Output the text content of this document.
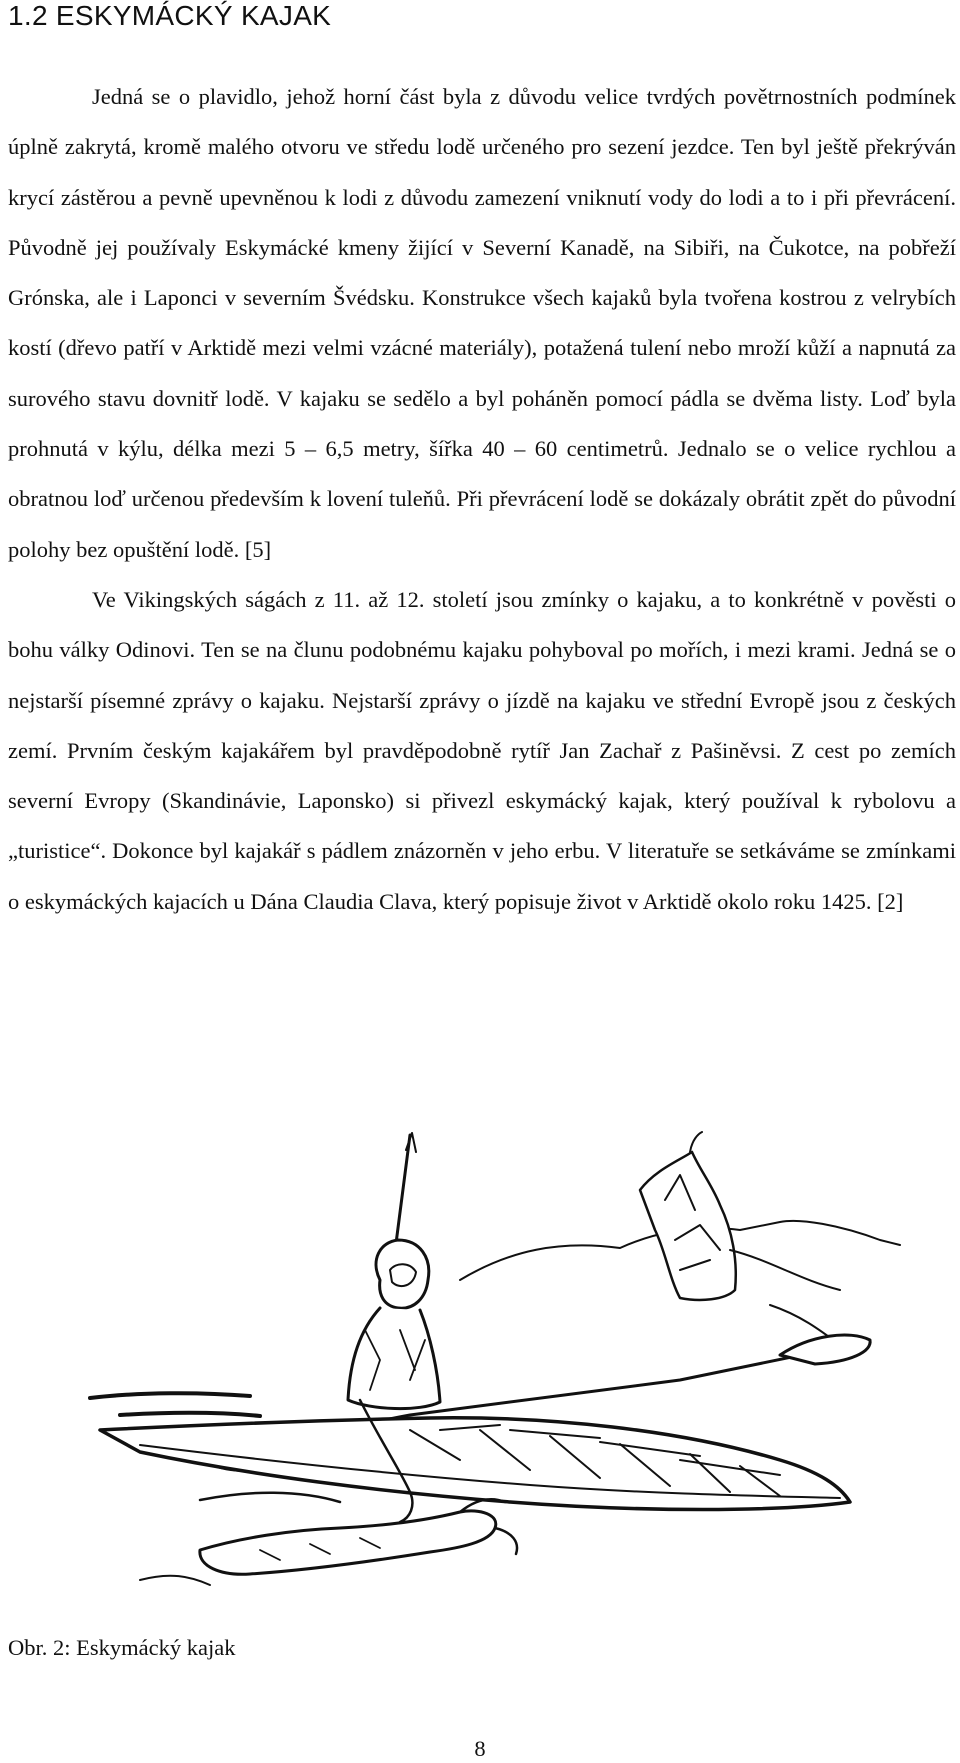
1.2 ESKYMÁCKÝ KAJAK

Jedná se o plavidlo, jehož horní část byla z důvodu velice tvrdých povětrnostních podmínek úplně zakrytá, kromě malého otvoru ve středu lodě určeného pro sezení jezdce. Ten byl ještě překrýván krycí zástěrou a pevně upevněnou k lodi z důvodu zamezení vniknutí vody do lodi a to i při převrácení. Původně jej používaly Eskymácké kmeny žijící v Severní Kanadě, na Sibiři, na Čukotce, na pobřeží Grónska, ale i Laponci v severním Švédsku. Konstrukce všech kajaků byla tvořena kostrou z velrybích kostí (dřevo patří v Arktidě mezi velmi vzácné materiály), potažená tulení nebo mroží kůží a napnutá za surového stavu dovnitř lodě. V kajaku se sedělo a byl poháněn pomocí pádla se dvěma listy. Loď byla prohnutá v kýlu, délka mezi 5 – 6,5 metry, šířka 40 – 60 centimetrů. Jednalo se o velice rychlou a obratnou loď určenou především k lovení tuleňů. Při převrácení lodě se dokázaly obrátit zpět do původní polohy bez opuštění lodě. [5]

Ve Vikingských ságách z 11. až 12. století jsou zmínky o kajaku, a to konkrétně v pověsti o bohu války Odinovi. Ten se na člunu podobnému kajaku pohyboval po mořích, i mezi krami. Jedná se o nejstarší písemné zprávy o kajaku. Nejstarší zprávy o jízdě na kajaku ve střední Evropě jsou z českých zemí. Prvním českým kajakářem byl pravděpodobně rytíř Jan Zachař z Pašiněvsi. Z cest po zemích severní Evropy (Skandinávie, Laponsko) si přivezl eskymácký kajak, který používal k rybolovu a „turistice“. Dokonce byl kajakář s pádlem znázorněn v jeho erbu. V literatuře se setkáváme se zmínkami o eskymáckých kajacích u Dána Claudia Clava, který popisuje život v Arktidě okolo roku 1425. [2]

Obr. 2: Eskymácký kajak
8
